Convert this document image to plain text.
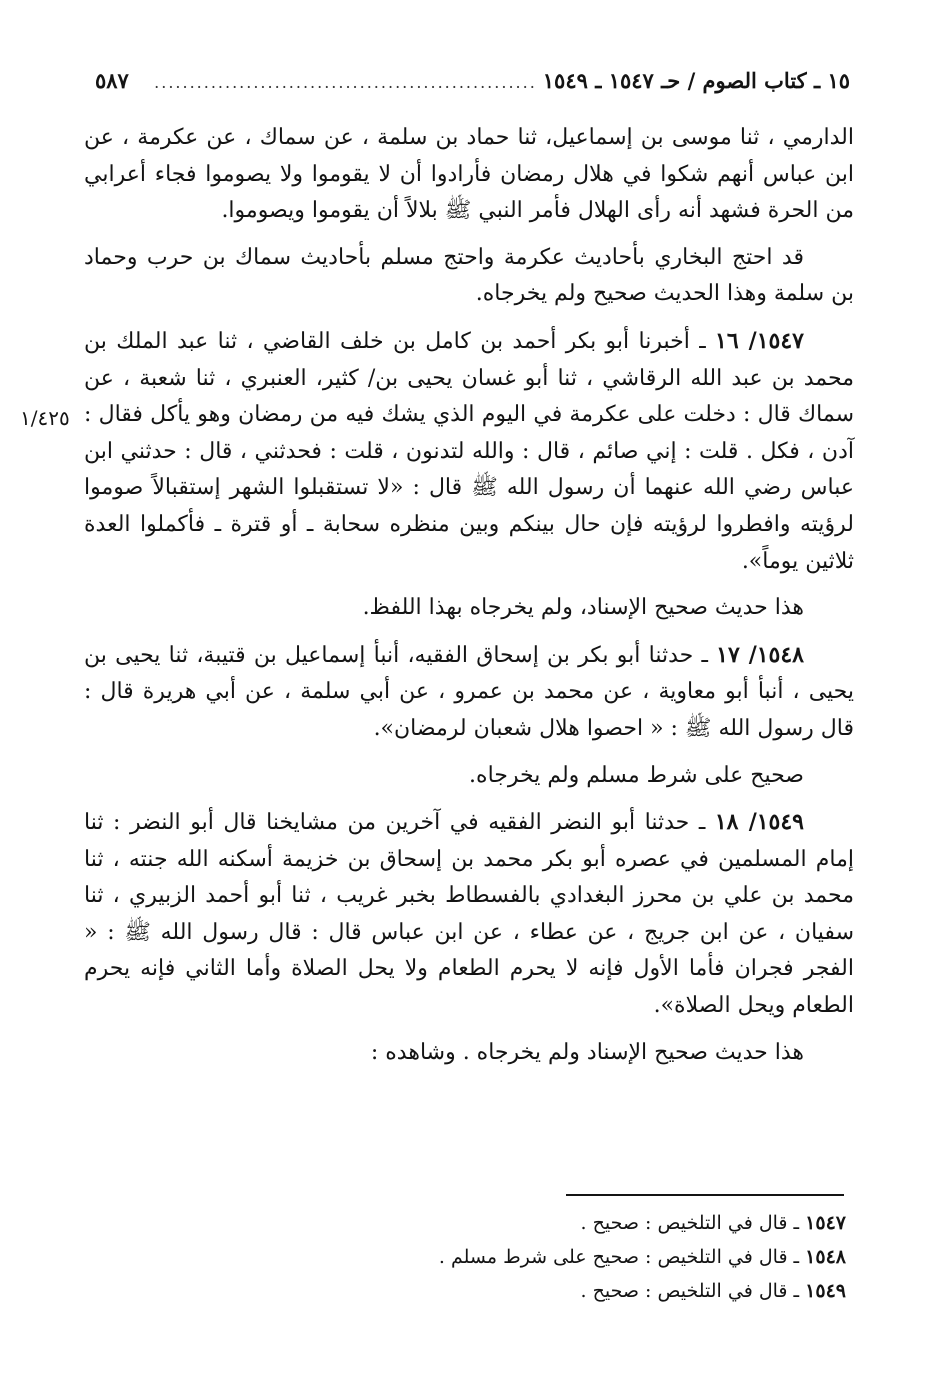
١٥ ـ كتاب الصوم / حـ ١٥٤٧ ـ ١٥٤٩
......................................................
٥٨٧
١/٤٢٥

الدارمي ، ثنا موسى بن إسماعيل، ثنا حماد بن سلمة ، عن سماك ، عن عكرمة ، عن ابن عباس أنهم شكوا في هلال رمضان فأرادوا أن لا يقوموا ولا يصوموا فجاء أعرابي من الحرة فشهد أنه رأى الهلال فأمر النبي ﷺ بلالاً أن يقوموا ويصوموا.

قد احتج البخاري بأحاديث عكرمة واحتج مسلم بأحاديث سماك بن حرب وحماد بن سلمة وهذا الحديث صحيح ولم يخرجاه.

١٥٤٧/ ١٦ ـ أخبرنا أبو بكر أحمد بن كامل بن خلف القاضي ، ثنا عبد الملك بن محمد بن عبد الله الرقاشي ، ثنا أبو غسان يحيى بن/ كثير، العنبري ، ثنا شعبة ، عن سماك قال : دخلت على عكرمة في اليوم الذي يشك فيه من رمضان وهو يأكل فقال : آدن ، فكل . قلت : إني صائم ، قال : والله لتدنون ، قلت : فحدثني ، قال : حدثني ابن عباس رضي الله عنهما أن رسول الله ﷺ قال : «لا تستقبلوا الشهر إستقبالاً صوموا لرؤيته وافطروا لرؤيته فإن حال بينكم وبين منظره سحابة ـ أو قترة ـ فأكملوا العدة ثلاثين يوماً».

هذا حديث صحيح الإسناد، ولم يخرجاه بهذا اللفظ.

١٥٤٨/ ١٧ ـ حدثنا أبو بكر بن إسحاق الفقيه، أنبأ إسماعيل بن قتيبة، ثنا يحيى بن يحيى ، أنبأ أبو معاوية ، عن محمد بن عمرو ، عن أبي سلمة ، عن أبي هريرة قال : قال رسول الله ﷺ : « احصوا هلال شعبان لرمضان».

صحيح على شرط مسلم ولم يخرجاه.

١٥٤٩/ ١٨ ـ حدثنا أبو النضر الفقيه في آخرين من مشايخنا قال أبو النضر : ثنا إمام المسلمين في عصره أبو بكر محمد بن إسحاق بن خزيمة أسكنه الله جنته ، ثنا محمد بن علي بن محرز البغدادي بالفسطاط بخبر غريب ، ثنا أبو أحمد الزبيري ، ثنا سفيان ، عن ابن جريج ، عن عطاء ، عن ابن عباس قال : قال رسول الله ﷺ : « الفجر فجران فأما الأول فإنه لا يحرم الطعام ولا يحل الصلاة وأما الثاني فإنه يحرم الطعام ويحل الصلاة».

هذا حديث صحيح الإسناد ولم يخرجاه . وشاهده :

١٥٤٧ ـ قال في التلخيص : صحيح .
١٥٤٨ ـ قال في التلخيص : صحيح على شرط مسلم .
١٥٤٩ ـ قال في التلخيص : صحيح .
